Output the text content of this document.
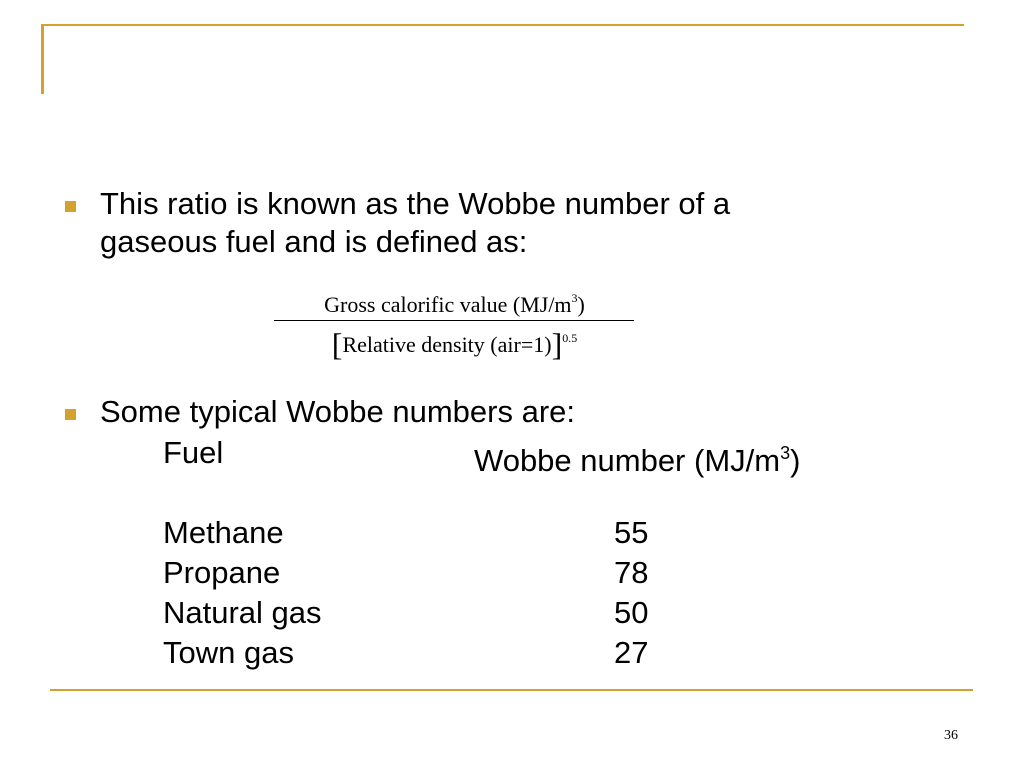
This ratio is known as the Wobbe number of a
gaseous fuel and is defined as:
Gross calorific value $(MJ/m^3)$
[Relative density (air=1)]$^{0.5}$
Some typical Wobbe numbers are:
Fuel	Wobbe number $(MJ/m^3)$
Methane	55
Propane	78
Natural gas	50
Town gas	27
36
